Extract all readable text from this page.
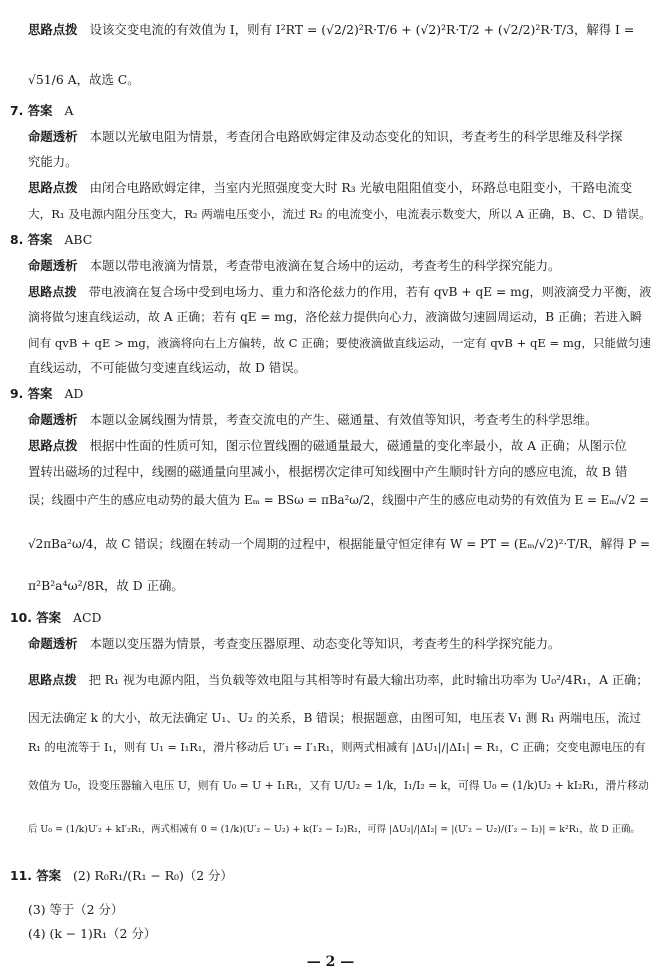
思路点拨 设该交变电流的有效值为 I，则有 I²RT = (√2/2)²R·T/6 + (√2)²R·T/2 + (√2/2)²R·T/3，解得 I =
√51/6 A，故选 C。
7. 答案 A
命题透析 本题以光敏电阻为情景，考查闭合电路欧姆定律及动态变化的知识，考查考生的科学思维及科学探
究能力。
思路点拨 由闭合电路欧姆定律，当室内光照强度变大时 R₃ 光敏电阻阻值变小，环路总电阻变小，干路电流变
大，R₁ 及电源内阻分压变大，R₂ 两端电压变小，流过 R₂ 的电流变小，电流表示数变大，所以 A 正确，B、C、D 错误。
8. 答案 ABC
命题透析 本题以带电液滴为情景，考查带电液滴在复合场中的运动，考查考生的科学探究能力。
思路点拨 带电液滴在复合场中受到电场力、重力和洛伦兹力的作用，若有 qvB + qE = mg，则液滴受力平衡，液
滴将做匀速直线运动，故 A 正确；若有 qE = mg，洛伦兹力提供向心力，液滴做匀速圆周运动，B 正确；若进入瞬
间有 qvB + qE > mg，液滴将向右上方偏转，故 C 正确；要使液滴做直线运动，一定有 qvB + qE = mg，只能做匀速
直线运动，不可能做匀变速直线运动，故 D 错误。
9. 答案 AD
命题透析 本题以金属线圈为情景，考查交流电的产生、磁通量、有效值等知识，考查考生的科学思维。
思路点拨 根据中性面的性质可知，图示位置线圈的磁通量最大，磁通量的变化率最小，故 A 正确；从图示位
置转出磁场的过程中，线圈的磁通量向里减小，根据楞次定律可知线圈中产生顺时针方向的感应电流，故 B 错
误；线圈中产生的感应电动势的最大值为 Eₘ = BSω = πBa²ω/2，线圈中产生的感应电动势的有效值为 E = Eₘ/√2 =
√2πBa²ω/4，故 C 错误；线圈在转动一个周期的过程中，根据能量守恒定律有 W = PT = (Eₘ/√2)²·T/R，解得 P =
π²B²a⁴ω²/8R，故 D 正确。
10. 答案 ACD
命题透析 本题以变压器为情景，考查变压器原理、动态变化等知识，考查考生的科学探究能力。
思路点拨 把 R₁ 视为电源内阻，当负载等效电阻与其相等时有最大输出功率，此时输出功率为 U₀²/4R₁，A 正确；
因无法确定 k 的大小，故无法确定 U₁、U₂ 的关系，B 错误；根据题意，由图可知，电压表 V₁ 测 R₁ 两端电压，流过
R₁ 的电流等于 I₁，则有 U₁ = I₁R₁，滑片移动后 U′₁ = I′₁R₁，则两式相减有 |ΔU₁|/|ΔI₁| = R₁，C 正确；交变电源电压的有
效值为 U₀，设变压器输入电压 U，则有 U₀ = U + I₁R₁，又有 U/U₂ = 1/k，I₁/I₂ = k，可得 U₀ = (1/k)U₂ + kI₂R₁，滑片移动
后 U₀ = (1/k)U′₂ + kI′₂R₁，两式相减有 0 = (1/k)(U′₂ − U₂) + k(I′₂ − I₂)R₁，可得 |ΔU₂|/|ΔI₂| = |(U′₂ − U₂)/(I′₂ − I₂)| = k²R₁，故 D 正确。
11. 答案 (2) R₀R₁/(R₁ − R₀)（2 分）
(3) 等于（2 分）
(4) (k − 1)R₁（2 分）
— 2 —
